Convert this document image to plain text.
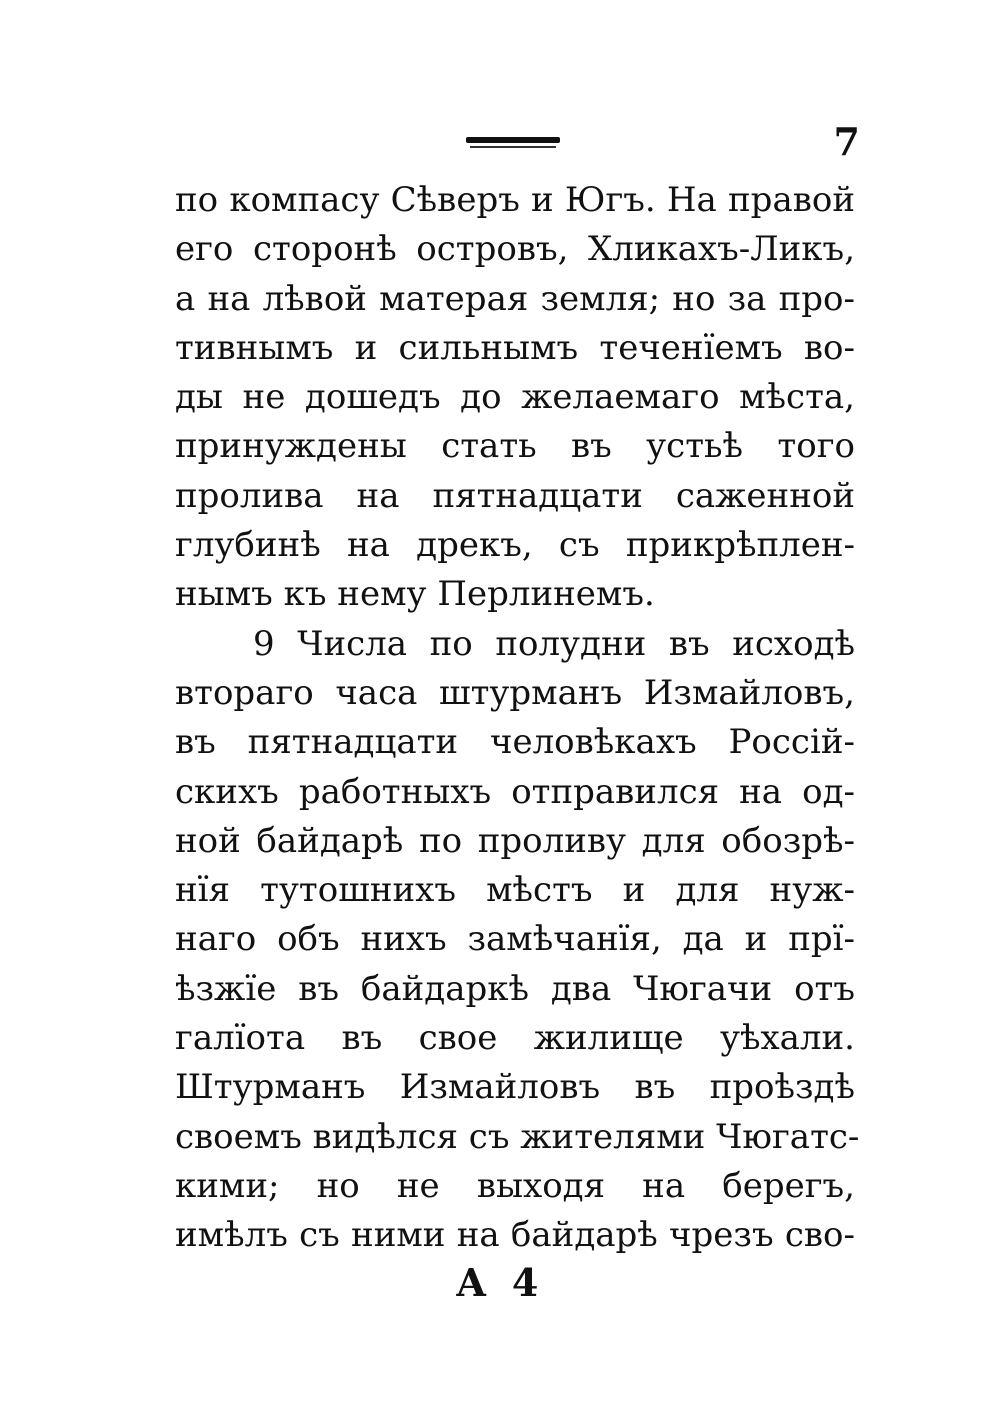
7
по компасу Сѣверъ и Югъ. На правой
его сторонѣ островъ, Хликахъ-Ликъ,
а на лѣвой матерая земля; но за про-
тивнымъ и сильнымъ теченїемъ во-
ды не дошедъ до желаемаго мѣста,
принуждены стать въ устьѣ того
пролива на пятнадцати саженной
глубинѣ на дрекъ, съ прикрѣплен-
нымъ къ нему Перлинемъ.
9 Числа по полудни въ исходѣ
втораго часа штурманъ Измайловъ,
въ пятнадцати человѣкахъ Россiй-
скихъ работныхъ отправился на од-
ной байдарѣ по проливу для обозрѣ-
нїя тутошнихъ мѣстъ и для нуж-
наго объ нихъ замѣчанїя, да и прї-
ѣзжїе въ байдаркѣ два Чюгачи отъ
галїота въ свое жилище уѣхали.
Штурманъ Измайловъ въ проѣздѣ
своемъ видѣлся съ жителями Чюгатс-
кими; но не выходя на берегъ,
имѣлъ съ ними на байдарѣ чрезъ сво-
А 4
